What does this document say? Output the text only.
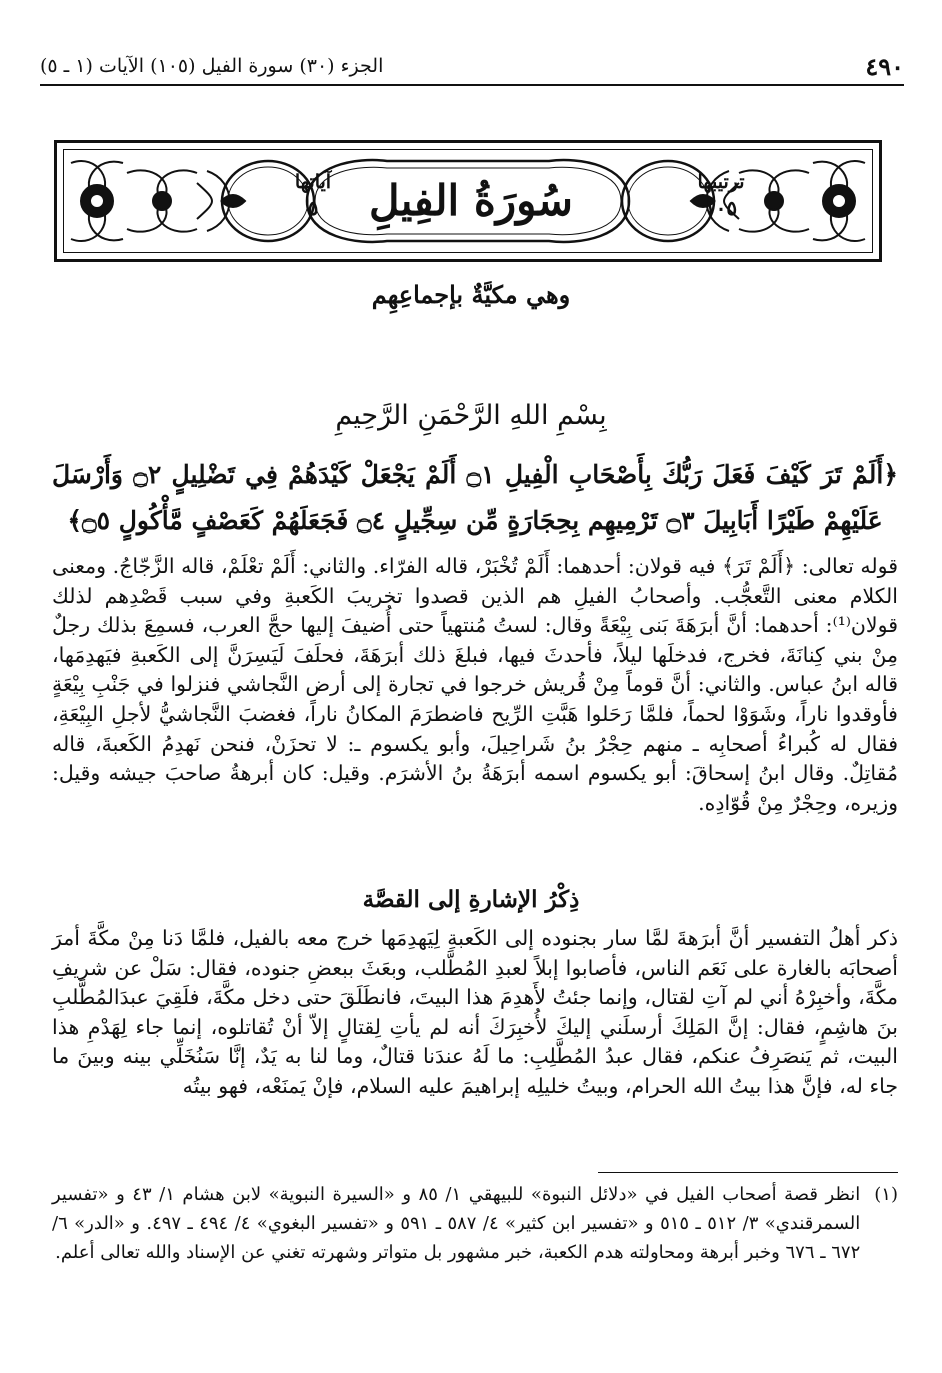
٤٩٠
الجزء (٣٠) سورة الفيل (١٠٥) الآيات (١ ـ ٥)
سُورَةُ الفِيلِ	ترتيبها
١٠٥
آياتها
٥
وهي مكيَّةٌ بإجماعِهِم
بِسْمِ اللهِ الرَّحْمَنِ الرَّحِيمِ
﴿أَلَمْ تَرَ كَيْفَ فَعَلَ رَبُّكَ بِأَصْحَابِ الْفِيلِ ۝١ أَلَمْ يَجْعَلْ كَيْدَهُمْ فِي تَضْلِيلٍ ۝٢ وَأَرْسَلَ عَلَيْهِمْ طَيْرًا أَبَابِيلَ ۝٣ تَرْمِيهِم بِحِجَارَةٍ مِّن سِجِّيلٍ ۝٤ فَجَعَلَهُمْ كَعَصْفٍ مَّأْكُولٍ ۝٥﴾
قوله تعالى: ﴿أَلَمْ تَرَ﴾ فيه قولان: أحدهما: أَلَمْ تُخْبَرْ، قاله الفرّاء. والثاني: أَلَمْ تعْلَمْ، قاله الزَّجّاجُ. ومعنى الكلام معنى التَّعجُّب. وأصحابُ الفيلِ هم الذين قصدوا تخريبَ الكَعبةِ وفي سبب قَصْدِهم لذلك قولان⁽¹⁾: أحدهما: أنَّ أبرَهَةَ بَنى بِيْعَةً وقال: لستُ مُنتهياً حتى أُضيفَ إليها حجَّ العرب، فسمِعَ بذلك رجلٌ مِنْ بني كِنانَةَ، فخرج، فدخلَها ليلاً، فأحدثَ فيها، فبلغَ ذلك أبرَهَةَ، فحلَفَ لَيَسِرَنَّ إلى الكَعبةِ فيَهدِمَها، قاله ابنُ عباس. والثاني: أنَّ قوماً مِنْ قُريش خرجوا في تجارة إلى أرض النَّجاشي فنزلوا في جَنْبِ بِيْعَةٍ فأوقدوا ناراً، وشَوَوْا لحماً، فلمَّا رَحَلوا هَبَّتِ الرِّيح فاضطرَمَ المكانُ ناراً، فغضبَ النَّجاشيُّ لأجلِ البِيْعَةِ، فقال له كُبراءُ أصحابِه ـ منهم حِجْرُ بنُ شَراحِيلَ، وأبو يكسوم ـ: لا تحزَنْ، فنحن نَهدِمُ الكَعبةَ، قاله مُقاتِلٌ. وقال ابنُ إسحاقَ: أبو يكسوم اسمه أبرَهَةُ بنُ الأشرَم. وقيل: كان أبرهةُ صاحبَ جيشه وقيل: وزيره، وحِجْرٌ مِنْ قُوّادِه.
ذِكْرُ الإشارةِ إلى القصَّة
ذكر أهلُ التفسير أنَّ أبرَهةَ لمَّا سار بجنوده إلى الكَعبةِ لِيَهدِمَها خرج معه بالفيل، فلمَّا دَنا مِنْ مكَّةَ أمرَ أصحابَه بالغارة على نَعَم الناس، فأصابوا إبلاً لعبدِ المُطَّلب، وبعَثَ ببعضِ جنوده، فقال: سَلْ عن شريفِ مكَّةَ، وأخبِرْهُ أني لم آتِ لقتال، وإنما جئتُ لأَهدِمَ هذا البيتَ، فانطَلَقَ حتى دخل مكَّةَ، فلَقِيَ عبدَالمُطَّلبِ بنَ هاشِمٍ، فقال: إنَّ المَلِكَ أرسلَني إليكَ لأُخبِرَكَ أنه لم يأتِ لِقتالٍ إلاّ أنْ تُقاتلوه، إنما جاء لِهَدْمِ هذا البيت، ثم يَنصَرِفُ عنكم، فقال عبدُ المُطَّلِبِ: ما لَهُ عندَنا قتالٌ، وما لنا به يَدٌ، إنَّا سَنُخَلِّي بينه وبينَ ما جاء له، فإنَّ هذا بيتُ الله الحرام، وبيتُ خليلِه إبراهيمَ عليه السلام، فإنْ يَمنَعْه، فهو بيتُه
(١)
انظر قصة أصحاب الفيل في «دلائل النبوة» للبيهقي ١/ ٨٥ و «السيرة النبوية» لابن هشام ١/ ٤٣ و «تفسير السمرقندي» ٣/ ٥١٢ ـ ٥١٥ و «تفسير ابن كثير» ٤/ ٥٨٧ ـ ٥٩١ و «تفسير البغوي» ٤/ ٤٩٤ ـ ٤٩٧. و «الدر» ٦/ ٦٧٢ ـ ٦٧٦ وخبر أبرهة ومحاولته هدم الكعبة، خبر مشهور بل متواتر وشهرته تغني عن الإسناد والله تعالى أعلم.
